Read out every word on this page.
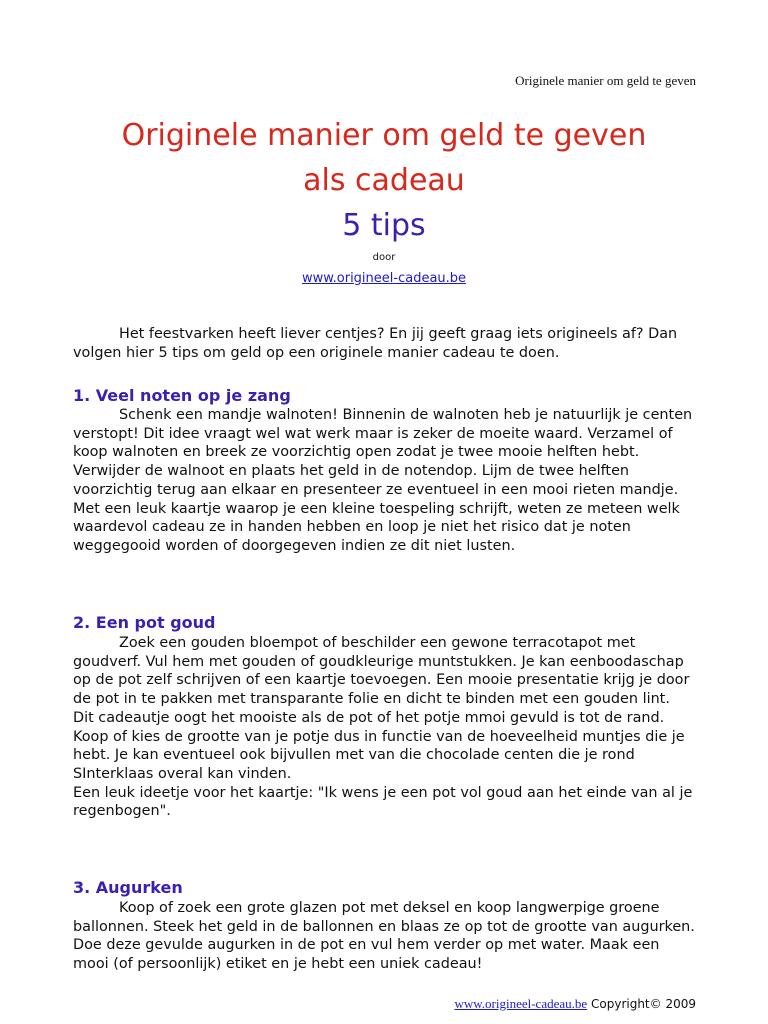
Originele manier om geld te geven
Originele manier om geld te geven
als cadeau
5 tips
door
www.origineel-cadeau.be

Het feestvarken heeft liever centjes? En jij geeft graag iets origineels af? Dan volgen hier 5 tips om geld op een originele manier cadeau te doen.

1. Veel noten op je zang

Schenk een mandje walnoten! Binnenin de walnoten heb je natuurlijk je centen verstopt! Dit idee vraagt wel wat werk maar is zeker de moeite waard. Verzamel of koop walnoten en breek ze voorzichtig open zodat je twee mooie helften hebt. Verwijder de walnoot en plaats het geld in de notendop. Lijm de twee helften voorzichtig terug aan elkaar en presenteer ze eventueel in een mooi rieten mandje. Met een leuk kaartje waarop je een kleine toespeling schrijft, weten ze meteen welk waardevol cadeau ze in handen hebben en loop je niet het risico dat je noten weggegooid worden of doorgegeven indien ze dit niet lusten.

2. Een pot goud

Zoek een gouden bloempot of beschilder een gewone terracotapot met goudverf. Vul hem met gouden of goudkleurige muntstukken. Je kan eenboodaschap op de pot zelf schrijven of een kaartje toevoegen. Een mooie presentatie krijg je door de pot in te pakken met transparante folie en dicht te binden met een gouden lint.

Dit cadeautje oogt het mooiste als de pot of het potje mmoi gevuld is tot de rand. Koop of kies de grootte van je potje dus in functie van de hoeveelheid muntjes die je hebt. Je kan eventueel ook bijvullen met van die chocolade centen die je rond SInterklaas overal kan vinden.

Een leuk ideetje voor het kaartje: "Ik wens je een pot vol goud aan het einde van al je regenbogen".

3. Augurken

Koop of zoek een grote glazen pot met deksel en koop langwerpige groene ballonnen. Steek het geld in de ballonnen en blaas ze op tot de grootte van augurken. Doe deze gevulde augurken in de pot en vul hem verder op met water. Maak een mooi (of persoonlijk) etiket en je hebt een uniek cadeau!

www.origineel-cadeau.be Copyright© 2009
